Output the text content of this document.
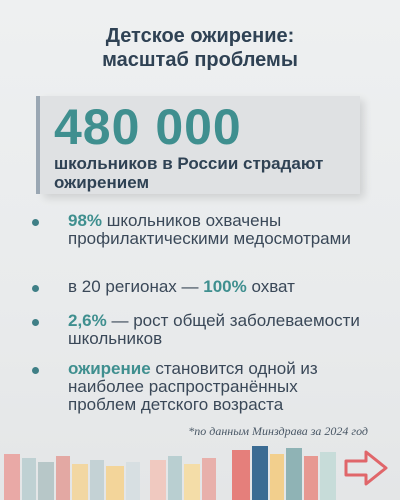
Детское ожирение:
масштаб проблемы
480 000
школьников в России страдают ожирением
98% школьников охвачены профилактическими медосмотрами
в 20 регионах — 100% охват
2,6% — рост общей заболеваемости школьников
ожирение становится одной из наиболее распространённых проблем детского возраста
*по данным Минздрава за 2024 год
